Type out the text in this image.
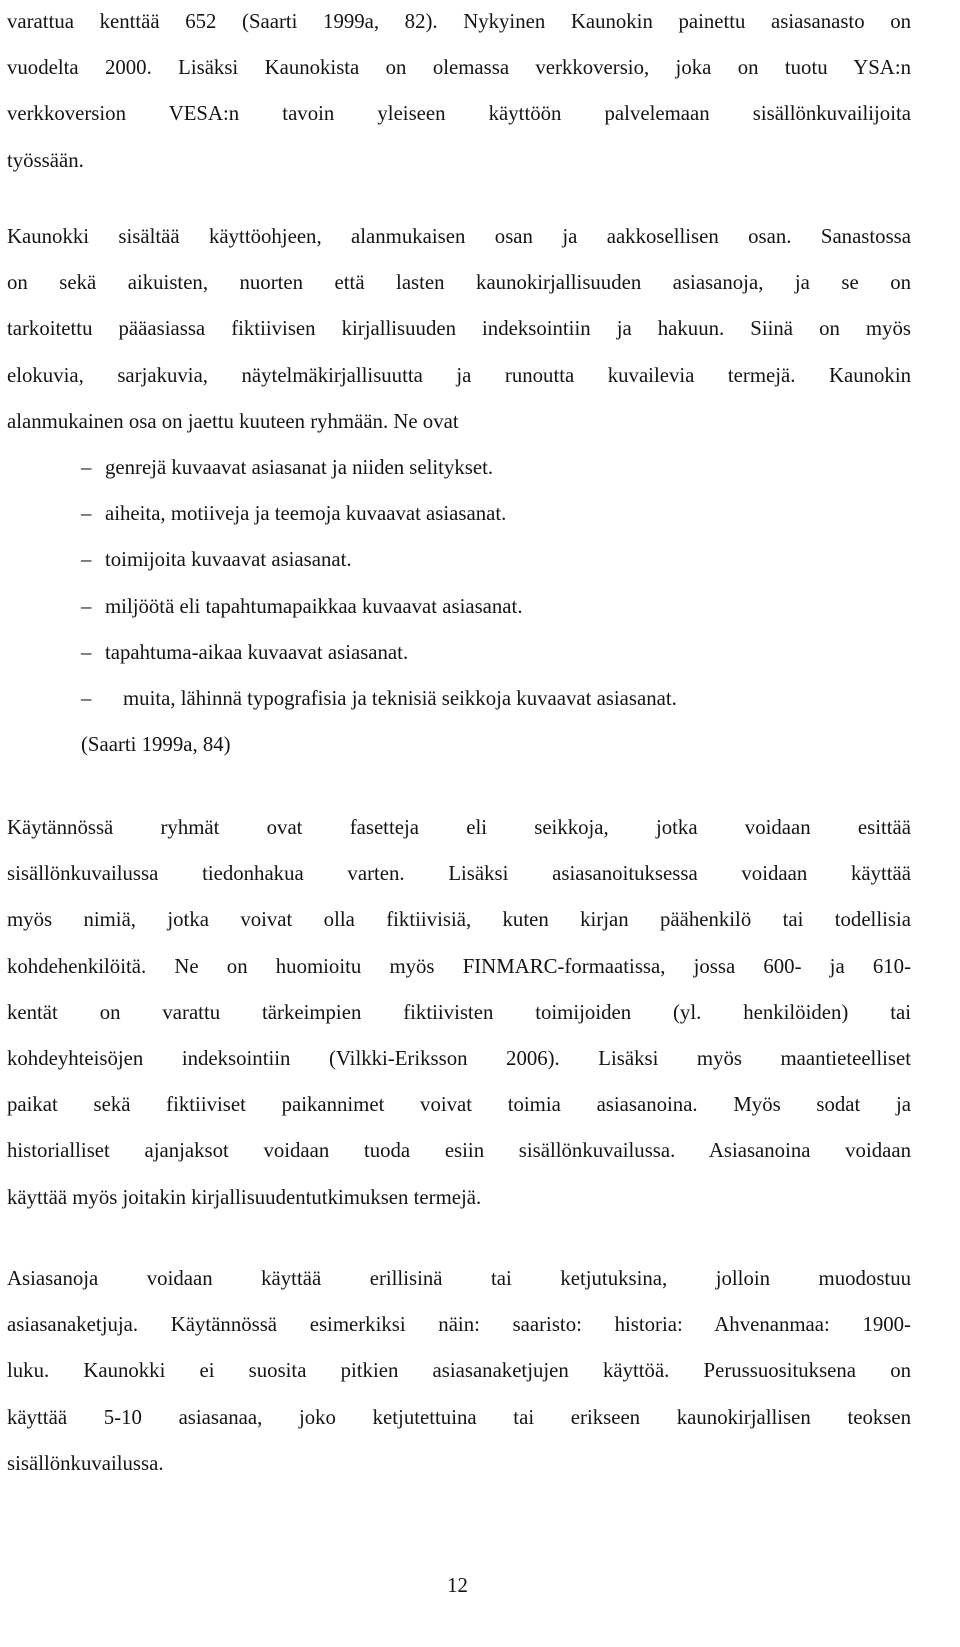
varattua kenttää 652 (Saarti 1999a, 82). Nykyinen Kaunokin painettu asiasanasto on
vuodelta 2000. Lisäksi Kaunokista on olemassa verkkoversio, joka on tuotu YSA:n
verkkoversion VESA:n tavoin yleiseen käyttöön palvelemaan sisällönkuvailijoita
työssään.
Kaunokki sisältää käyttöohjeen, alanmukaisen osan ja aakkosellisen osan. Sanastossa
on sekä aikuisten, nuorten että lasten kaunokirjallisuuden asiasanoja, ja se on
tarkoitettu pääasiassa fiktiivisen kirjallisuuden indeksointiin ja hakuun. Siinä on myös
elokuvia, sarjakuvia, näytelmäkirjallisuutta ja runoutta kuvailevia termejä. Kaunokin
alanmukainen osa on jaettu kuuteen ryhmään. Ne ovat
– genrejä kuvaavat asiasanat ja niiden selitykset.
– aiheita, motiiveja ja teemoja kuvaavat asiasanat.
– toimijoita kuvaavat asiasanat.
– miljöötä eli tapahtumapaikkaa kuvaavat asiasanat.
– tapahtuma-aikaa kuvaavat asiasanat.
– muita, lähinnä typografisia ja teknisiä seikkoja kuvaavat asiasanat.
(Saarti 1999a, 84)
Käytännössä ryhmät ovat fasetteja eli seikkoja, jotka voidaan esittää
sisällönkuvailussa tiedonhakua varten. Lisäksi asiasanoituksessa voidaan käyttää
myös nimiä, jotka voivat olla fiktiivisiä, kuten kirjan päähenkilö tai todellisia
kohdehenkilöitä. Ne on huomioitu myös FINMARC-formaatissa, jossa 600- ja 610-
kentät on varattu tärkeimpien fiktiivisten toimijoiden (yl. henkilöiden) tai
kohdeyhteisöjen indeksointiin (Vilkki-Eriksson 2006). Lisäksi myös maantieteelliset
paikat sekä fiktiiviset paikannimet voivat toimia asiasanoina. Myös sodat ja
historialliset ajanjaksot voidaan tuoda esiin sisällönkuvailussa. Asiasanoina voidaan
käyttää myös joitakin kirjallisuudentutkimuksen termejä.
Asiasanoja voidaan käyttää erillisinä tai ketjutuksina, jolloin muodostuu
asiasanaketjuja. Käytännössä esimerkiksi näin: saaristo: historia: Ahvenanmaa: 1900-
luku. Kaunokki ei suosita pitkien asiasanaketjujen käyttöä. Perussuosituksena on
käyttää 5-10 asiasanaa, joko ketjutettuina tai erikseen kaunokirjallisen teoksen
sisällönkuvailussa.
12
